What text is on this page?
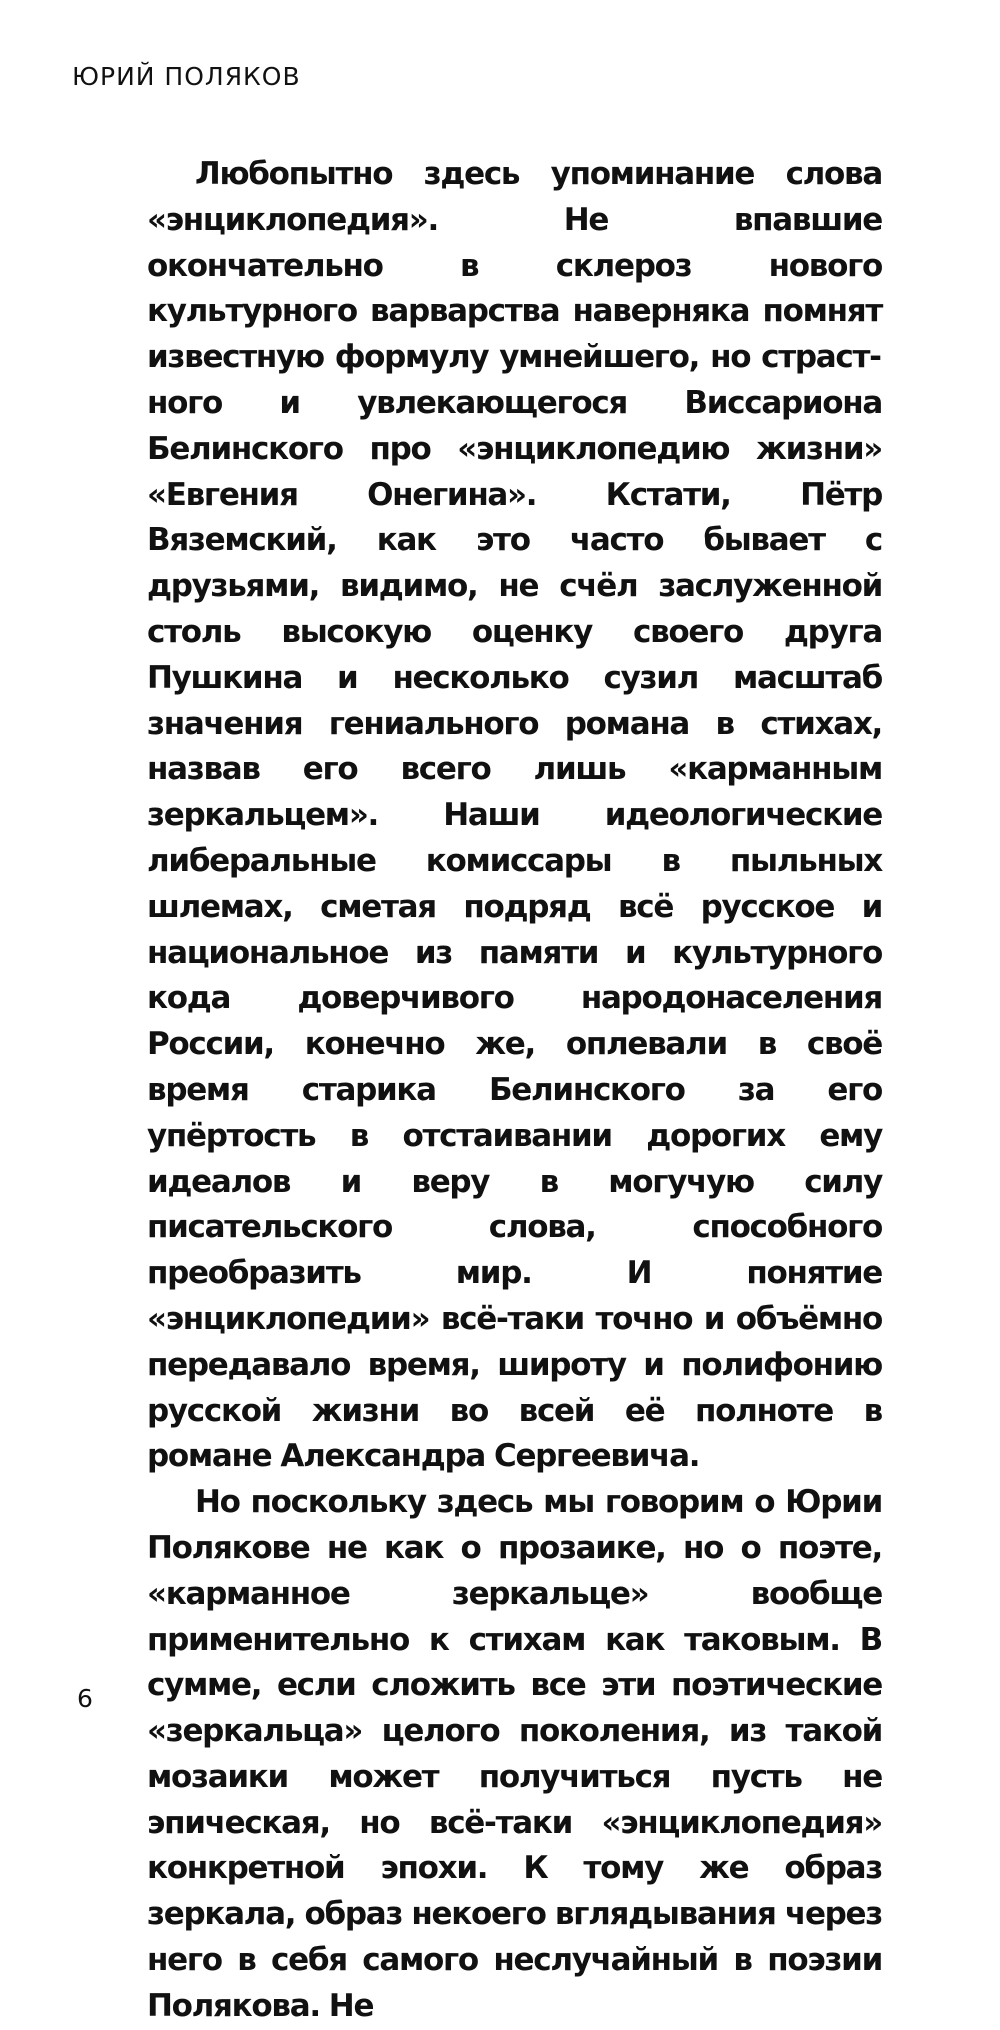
ЮРИЙ ПОЛЯКОВ

Любопытно здесь упоминание слова «энциклопедия». Не впавшие окончательно в склероз нового культурного варварства наверняка помнят известную формулу умнейшего, но страстного и увлекающегося Виссариона Белинского про «энциклопедию жизни» «Евгения Онегина». Кстати, Пётр Вяземский, как это часто бывает с друзьями, видимо, не счёл заслуженной столь высокую оценку своего друга Пушкина и несколько сузил масштаб значения гениального романа в стихах, назвав его всего лишь «карманным зеркальцем». Наши идеологические либеральные комиссары в пыльных шлемах, сметая подряд всё русское и национальное из памяти и культурного кода доверчивого народонаселения России, конечно же, оплевали в своё время старика Белинского за его упёртость в отстаивании дорогих ему идеалов и веру в могучую силу писательского слова, способного преобразить мир. И понятие «энциклопедии» всё-таки точно и объёмно передавало время, широту и полифонию русской жизни во всей её полноте в романе Александра Сергеевича.

Но поскольку здесь мы говорим о Юрии Полякове не как о прозаике, но о поэте, «карманное зеркальце» вообще применительно к стихам как таковым. В сумме, если сложить все эти поэтические «зеркальца» целого поколения, из такой мозаики может получиться пусть не эпическая, но всё-таки «энциклопедия» конкретной эпохи. К тому же образ зеркала, образ некоего вглядывания через него в себя самого неслучайный в поэзии Полякова. Не

6
